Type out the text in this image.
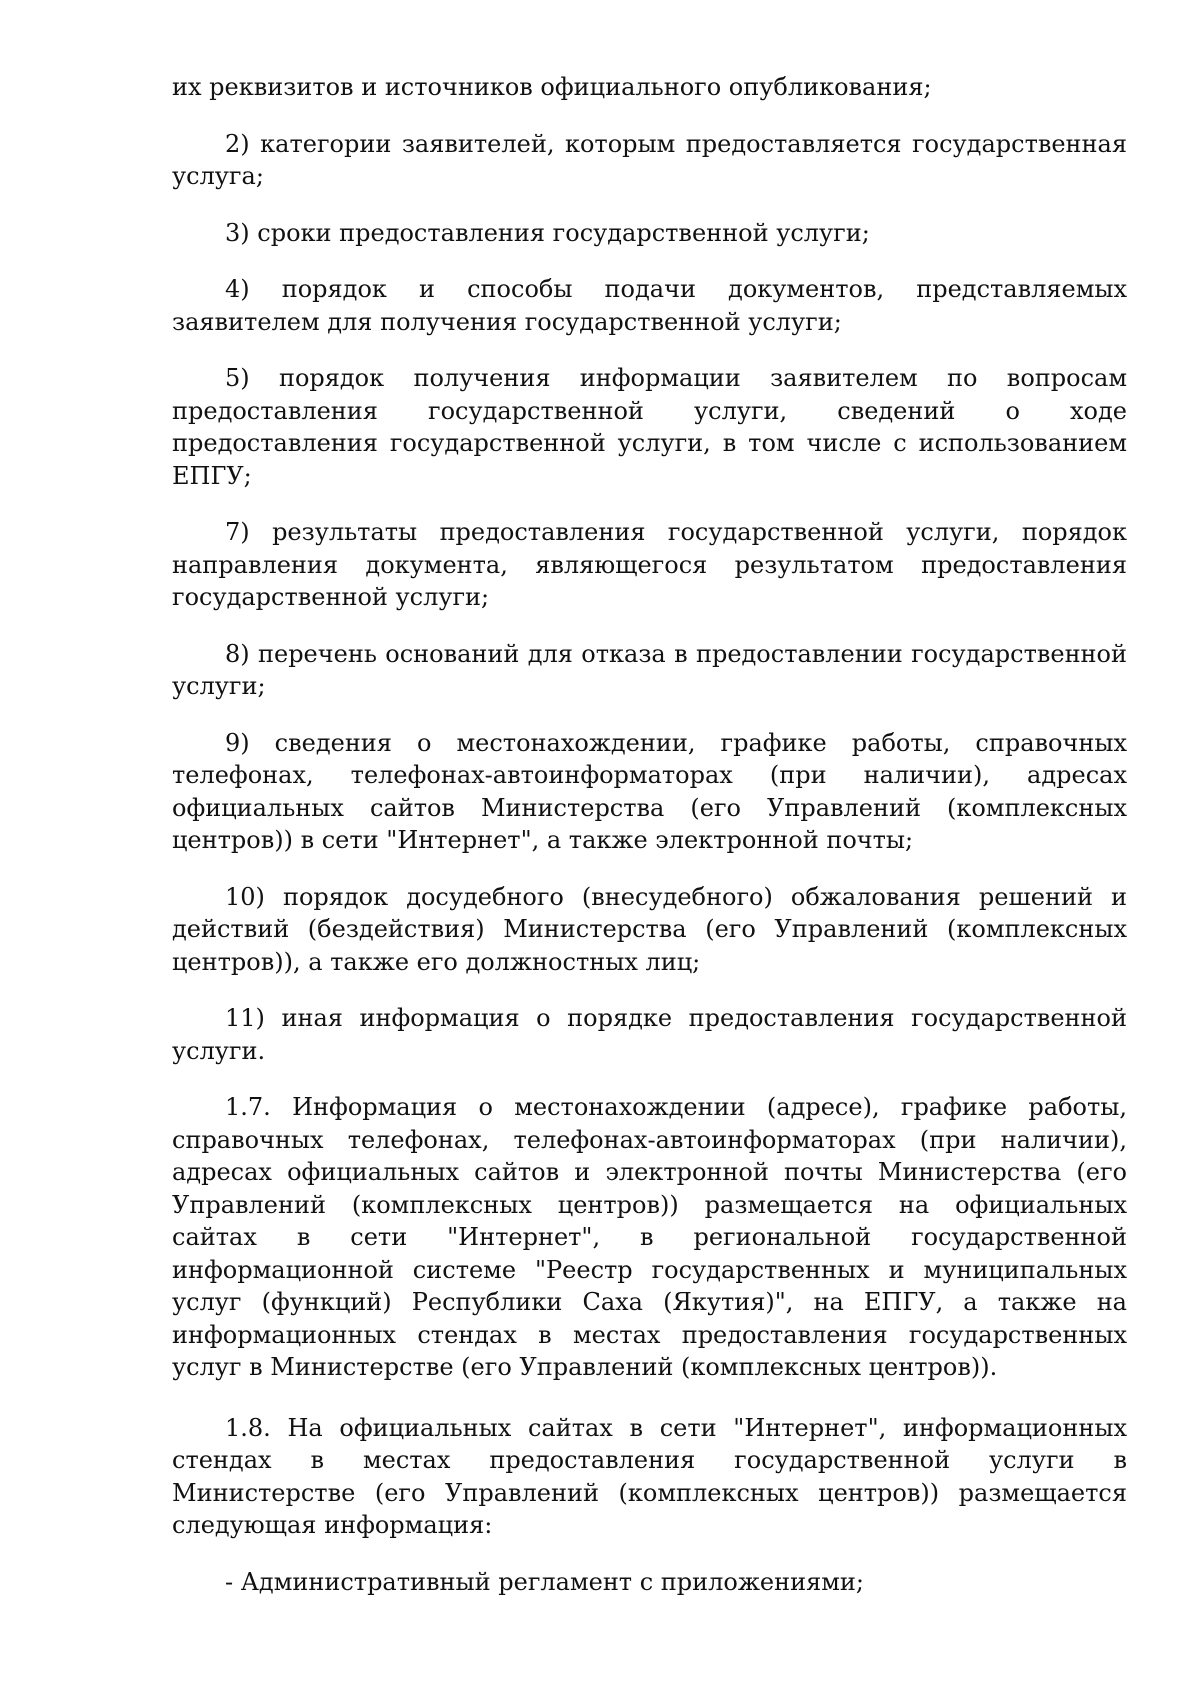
их реквизитов и источников официального опубликования;

2) категории заявителей, которым предоставляется государственная услуга;

3) сроки предоставления государственной услуги;

4) порядок и способы подачи документов, представляемых заявителем для получения государственной услуги;

5) порядок получения информации заявителем по вопросам предоставления государственной услуги, сведений о ходе предоставления государственной услуги, в том числе с использованием ЕПГУ;

7) результаты предоставления государственной услуги, порядок направления документа, являющегося результатом предоставления государственной услуги;

8) перечень оснований для отказа в предоставлении государственной услуги;

9) сведения о местонахождении, графике работы, справочных телефонах, телефонах-автоинформаторах (при наличии), адресах официальных сайтов Министерства (его Управлений (комплексных центров)) в сети "Интернет", а также электронной почты;

10) порядок досудебного (внесудебного) обжалования решений и действий (бездействия) Министерства (его Управлений (комплексных центров)), а также его должностных лиц;

11) иная информация о порядке предоставления государственной услуги.

1.7. Информация о местонахождении (адресе), графике работы, справочных телефонах, телефонах-автоинформаторах (при наличии), адресах официальных сайтов и электронной почты Министерства (его Управлений (комплексных центров)) размещается на официальных сайтах в сети "Интернет", в региональной государственной информационной системе "Реестр государственных и муниципальных услуг (функций) Республики Саха (Якутия)", на ЕПГУ, а также на информационных стендах в местах предоставления государственных услуг в Министерстве (его Управлений (комплексных центров)).

1.8. На официальных сайтах в сети "Интернет", информационных стендах в местах предоставления государственной услуги в Министерстве (его Управлений (комплексных центров)) размещается следующая информация:

- Административный регламент с приложениями;
